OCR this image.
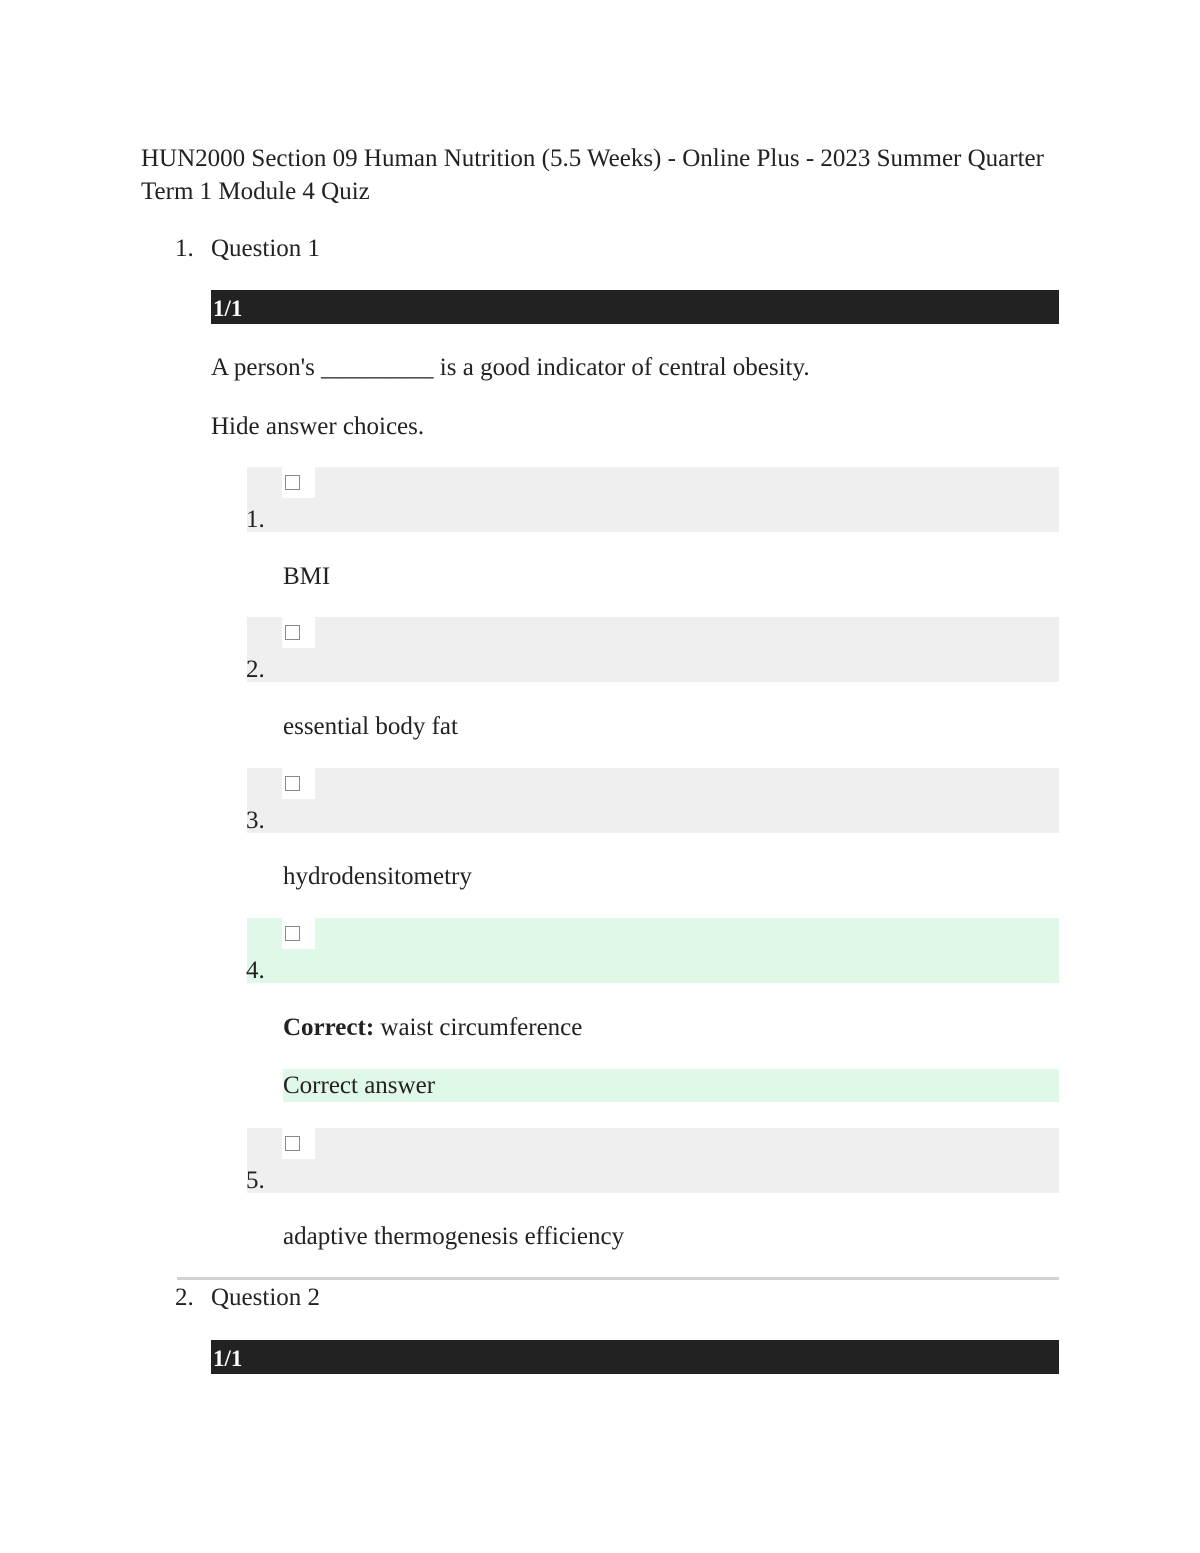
HUN2000 Section 09 Human Nutrition (5.5 Weeks) - Online Plus - 2023 Summer Quarter Term 1 Module 4 Quiz
1. Question 1
1/1
A person's _________ is a good indicator of central obesity.
Hide answer choices.
1.
BMI
2.
essential body fat
3.
hydrodensitometry
4.
Correct: waist circumference
Correct answer
5.
adaptive thermogenesis efficiency
2. Question 2
1/1
